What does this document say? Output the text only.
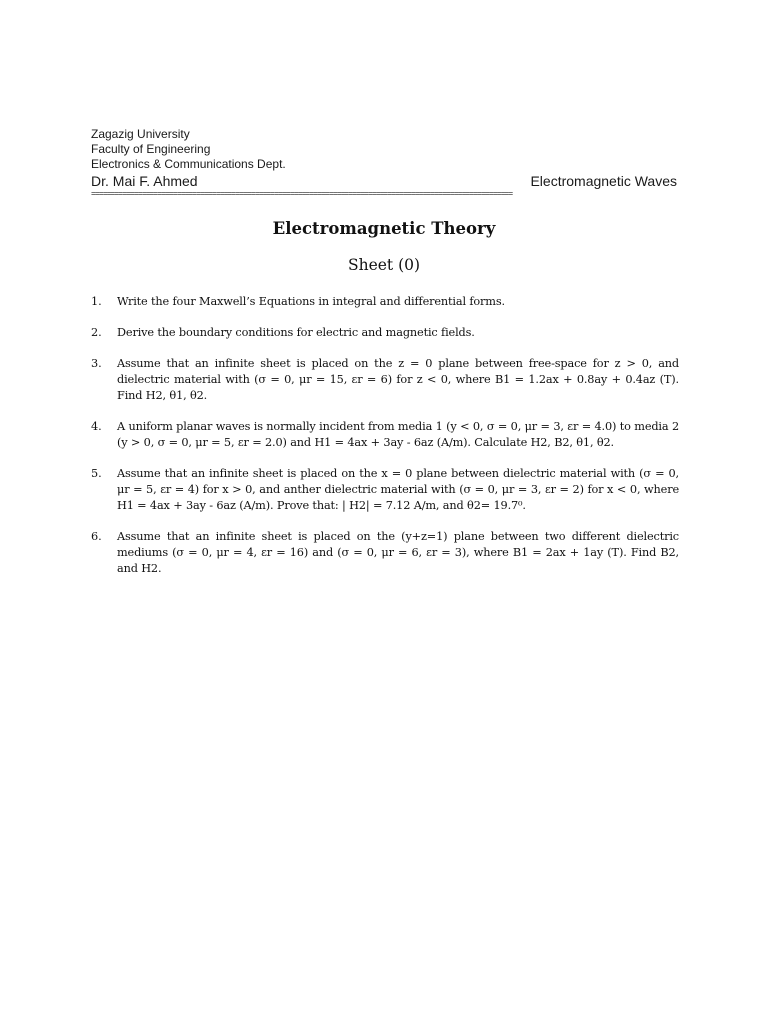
Zagazig University
Faculty of Engineering
Electronics & Communications Dept.
Dr. Mai F. Ahmed	Electromagnetic Waves
============================================================================================================
Electromagnetic Theory
Sheet (0)
1.	Write the four Maxwell’s Equations in integral and differential forms.
2.	Derive the boundary conditions for electric and magnetic fields.
3.	Assume that an infinite sheet is placed on the z = 0 plane between free-space for z > 0, and dielectric material with (σ = 0, μr = 15, εr = 6) for z < 0, where B1 = 1.2ax + 0.8ay + 0.4az (T). Find H2, θ1, θ2.
4.	A uniform planar waves is normally incident from media 1 (y < 0, σ = 0, μr = 3, εr = 4.0) to media 2 (y > 0, σ = 0, μr = 5, εr = 2.0) and H1 = 4ax + 3ay - 6az (A/m). Calculate H2, B2, θ1, θ2.
5.	Assume that an infinite sheet is placed on the x = 0 plane between dielectric material with (σ = 0, μr = 5, εr = 4) for x > 0, and anther dielectric material with (σ = 0, μr = 3, εr = 2) for x < 0, where H1 = 4ax + 3ay - 6az (A/m). Prove that: | H2| = 7.12 A/m, and θ2= 19.7⁰.
6.	Assume that an infinite sheet is placed on the (y+z=1) plane between two different dielectric mediums (σ = 0, μr = 4, εr = 16) and (σ = 0, μr = 6, εr = 3), where B1 = 2ax + 1ay (T). Find B2, and H2.
